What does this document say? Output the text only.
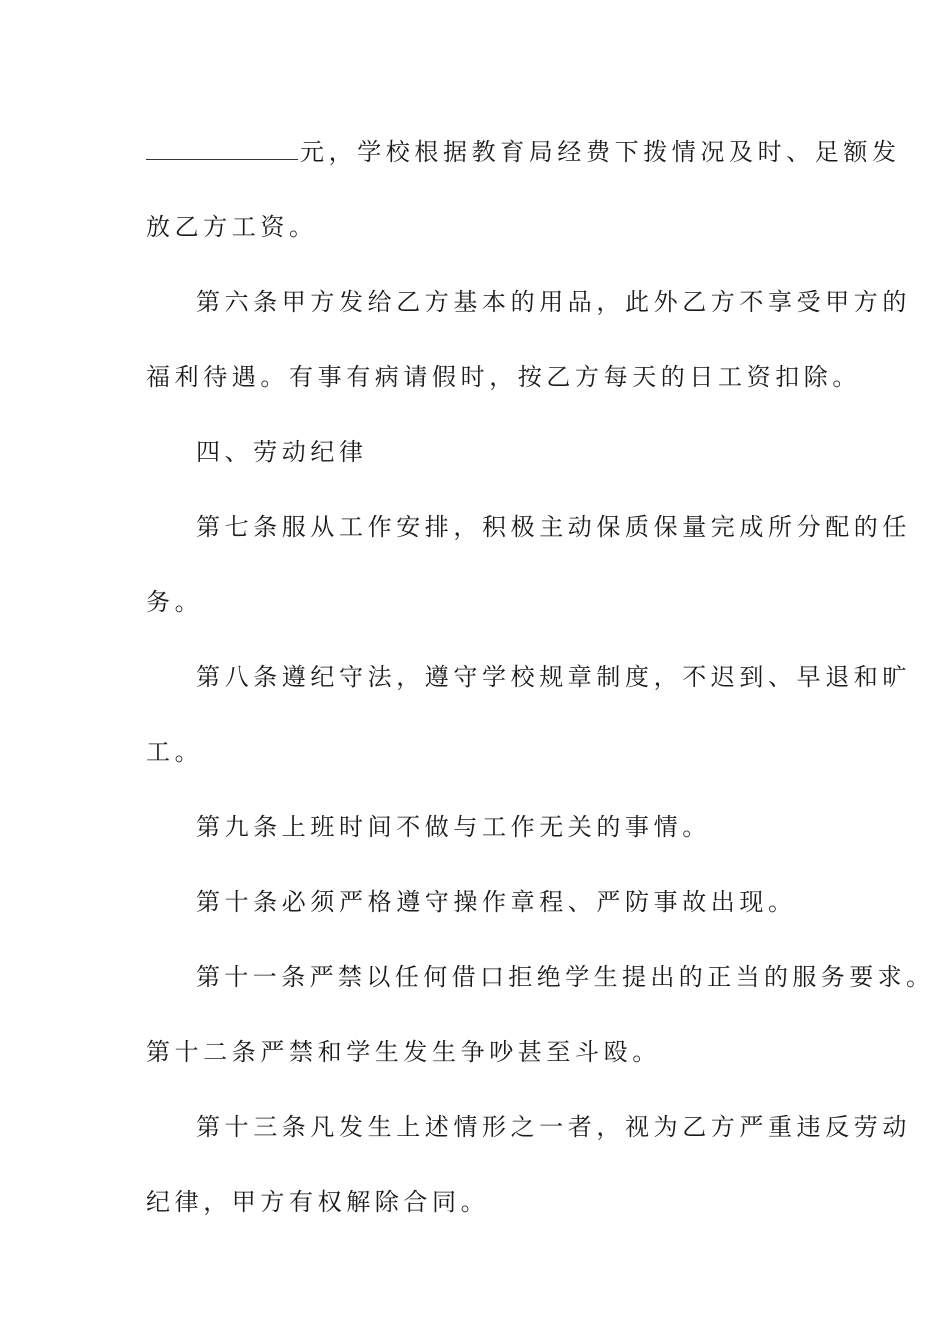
元，学校根据教育局经费下拨情况及时、足额发
放乙方工资。
第六条甲方发给乙方基本的用品，此外乙方不享受甲方的
福利待遇。有事有病请假时，按乙方每天的日工资扣除。
四、劳动纪律
第七条服从工作安排，积极主动保质保量完成所分配的任
务。
第八条遵纪守法，遵守学校规章制度，不迟到、早退和旷
工。
第九条上班时间不做与工作无关的事情。
第十条必须严格遵守操作章程、严防事故出现。
第十一条严禁以任何借口拒绝学生提出的正当的服务要求。
第十二条严禁和学生发生争吵甚至斗殴。
第十三条凡发生上述情形之一者，视为乙方严重违反劳动
纪律，甲方有权解除合同。
